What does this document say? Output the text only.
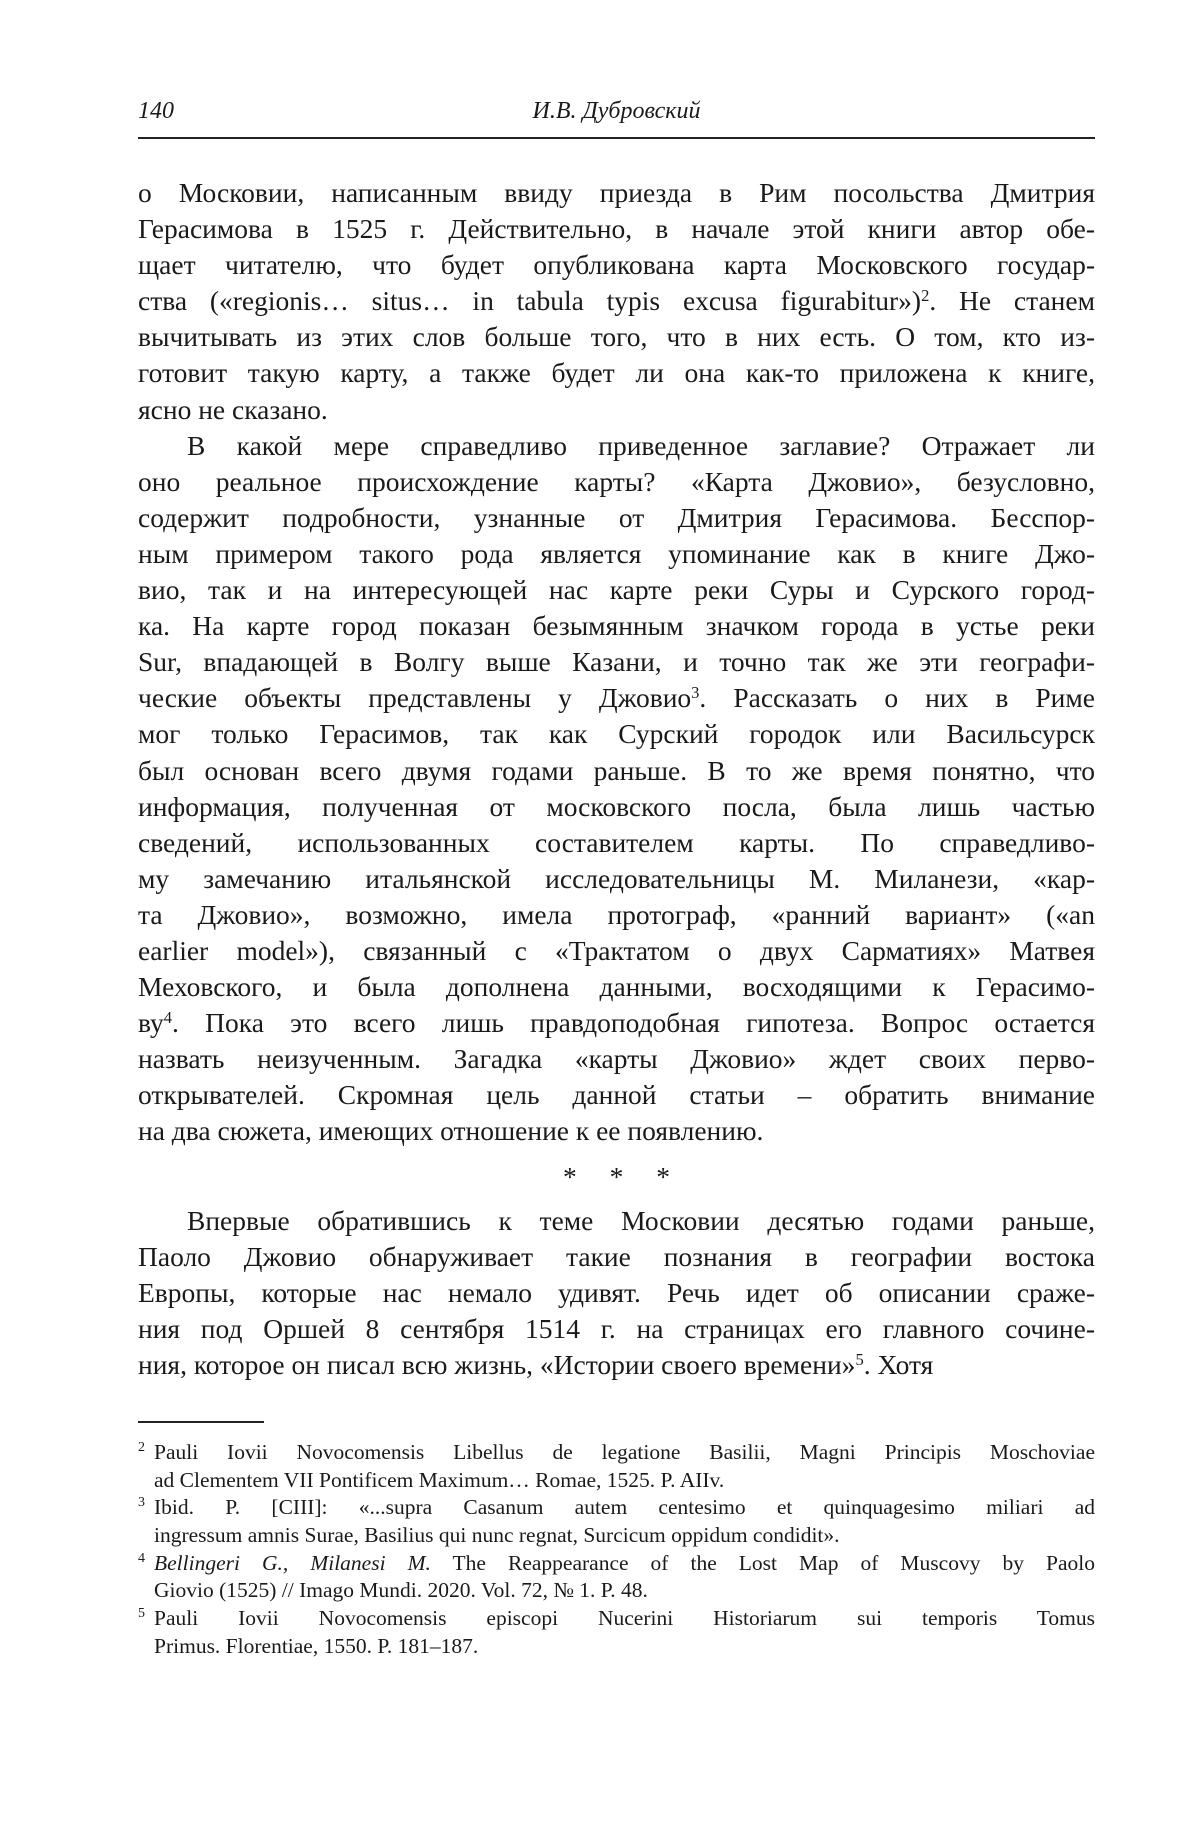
140	И.В. Дубровский
о Московии, написанным ввиду приезда в Рим посольства Дмитрия
Герасимова в 1525 г. Действительно, в начале этой книги автор обе-
щает читателю, что будет опубликована карта Московского государ-
ства («regionis… situs… in tabula typis excusa figurabitur»)$^2$. Не станем
вычитывать из этих слов больше того, что в них есть. О том, кто из-
готовит такую карту, а также будет ли она как-то приложена к книге,
ясно не сказано.
В какой мере справедливо приведенное заглавие? Отражает ли
оно реальное происхождение карты? «Карта Джовио», безусловно,
содержит подробности, узнанные от Дмитрия Герасимова. Бесспор-
ным примером такого рода является упоминание как в книге Джо-
вио, так и на интересующей нас карте реки Суры и Сурского город-
ка. На карте город показан безымянным значком города в устье реки
Sur, впадающей в Волгу выше Казани, и точно так же эти географи-
ческие объекты представлены у Джовио$^3$. Рассказать о них в Риме
мог только Герасимов, так как Сурский городок или Васильсурск
был основан всего двумя годами раньше. В то же время понятно, что
информация, полученная от московского посла, была лишь частью
сведений, использованных составителем карты. По справедливо-
му замечанию итальянской исследовательницы М. Миланези, «кар-
та Джовио», возможно, имела протограф, «ранний вариант» («an
earlier model»), связанный с «Трактатом о двух Сарматиях» Матвея
Меховского, и была дополнена данными, восходящими к Герасимо-
$ву^4$. Пока это всего лишь правдоподобная гипотеза. Вопрос остается
назвать неизученным. Загадка «карты Джовио» ждет своих перво-
открывателей. Скромная цель данной статьи – обратить внимание
на два сюжета, имеющих отношение к ее появлению.
* * *
Впервые обратившись к теме Московии десятью годами раньше,
Паоло Джовио обнаруживает такие познания в географии востока
Европы, которые нас немало удивят. Речь идет об описании сраже-
ния под Оршей 8 сентября 1514 г. на страницах его главного сочине-
ния, которое он писал всю жизнь, «Истории своего времени»$^5$. Хотя
2 Pauli Iovii Novocomensis Libellus de legatione Basilii, Magni Principis Moschoviae
ad Clementem VII Pontificem Maximum… Romae, 1525. P. AIIv.
3 Ibid. P. [CIII]: «...supra Casanum autem centesimo et quinquagesimo miliari ad
ingressum amnis Surae, Basilius qui nunc regnat, Surcicum oppidum condidit».
4 Bellingeri G., Milanesi M. The Reappearance of the Lost Map of Muscovy by Paolo
Giovio (1525) // Imago Mundi. 2020. Vol. 72, № 1. P. 48.
5 Pauli Iovii Novocomensis episcopi Nucerini Historiarum sui temporis Tomus
Primus. Florentiae, 1550. P. 181–187.
